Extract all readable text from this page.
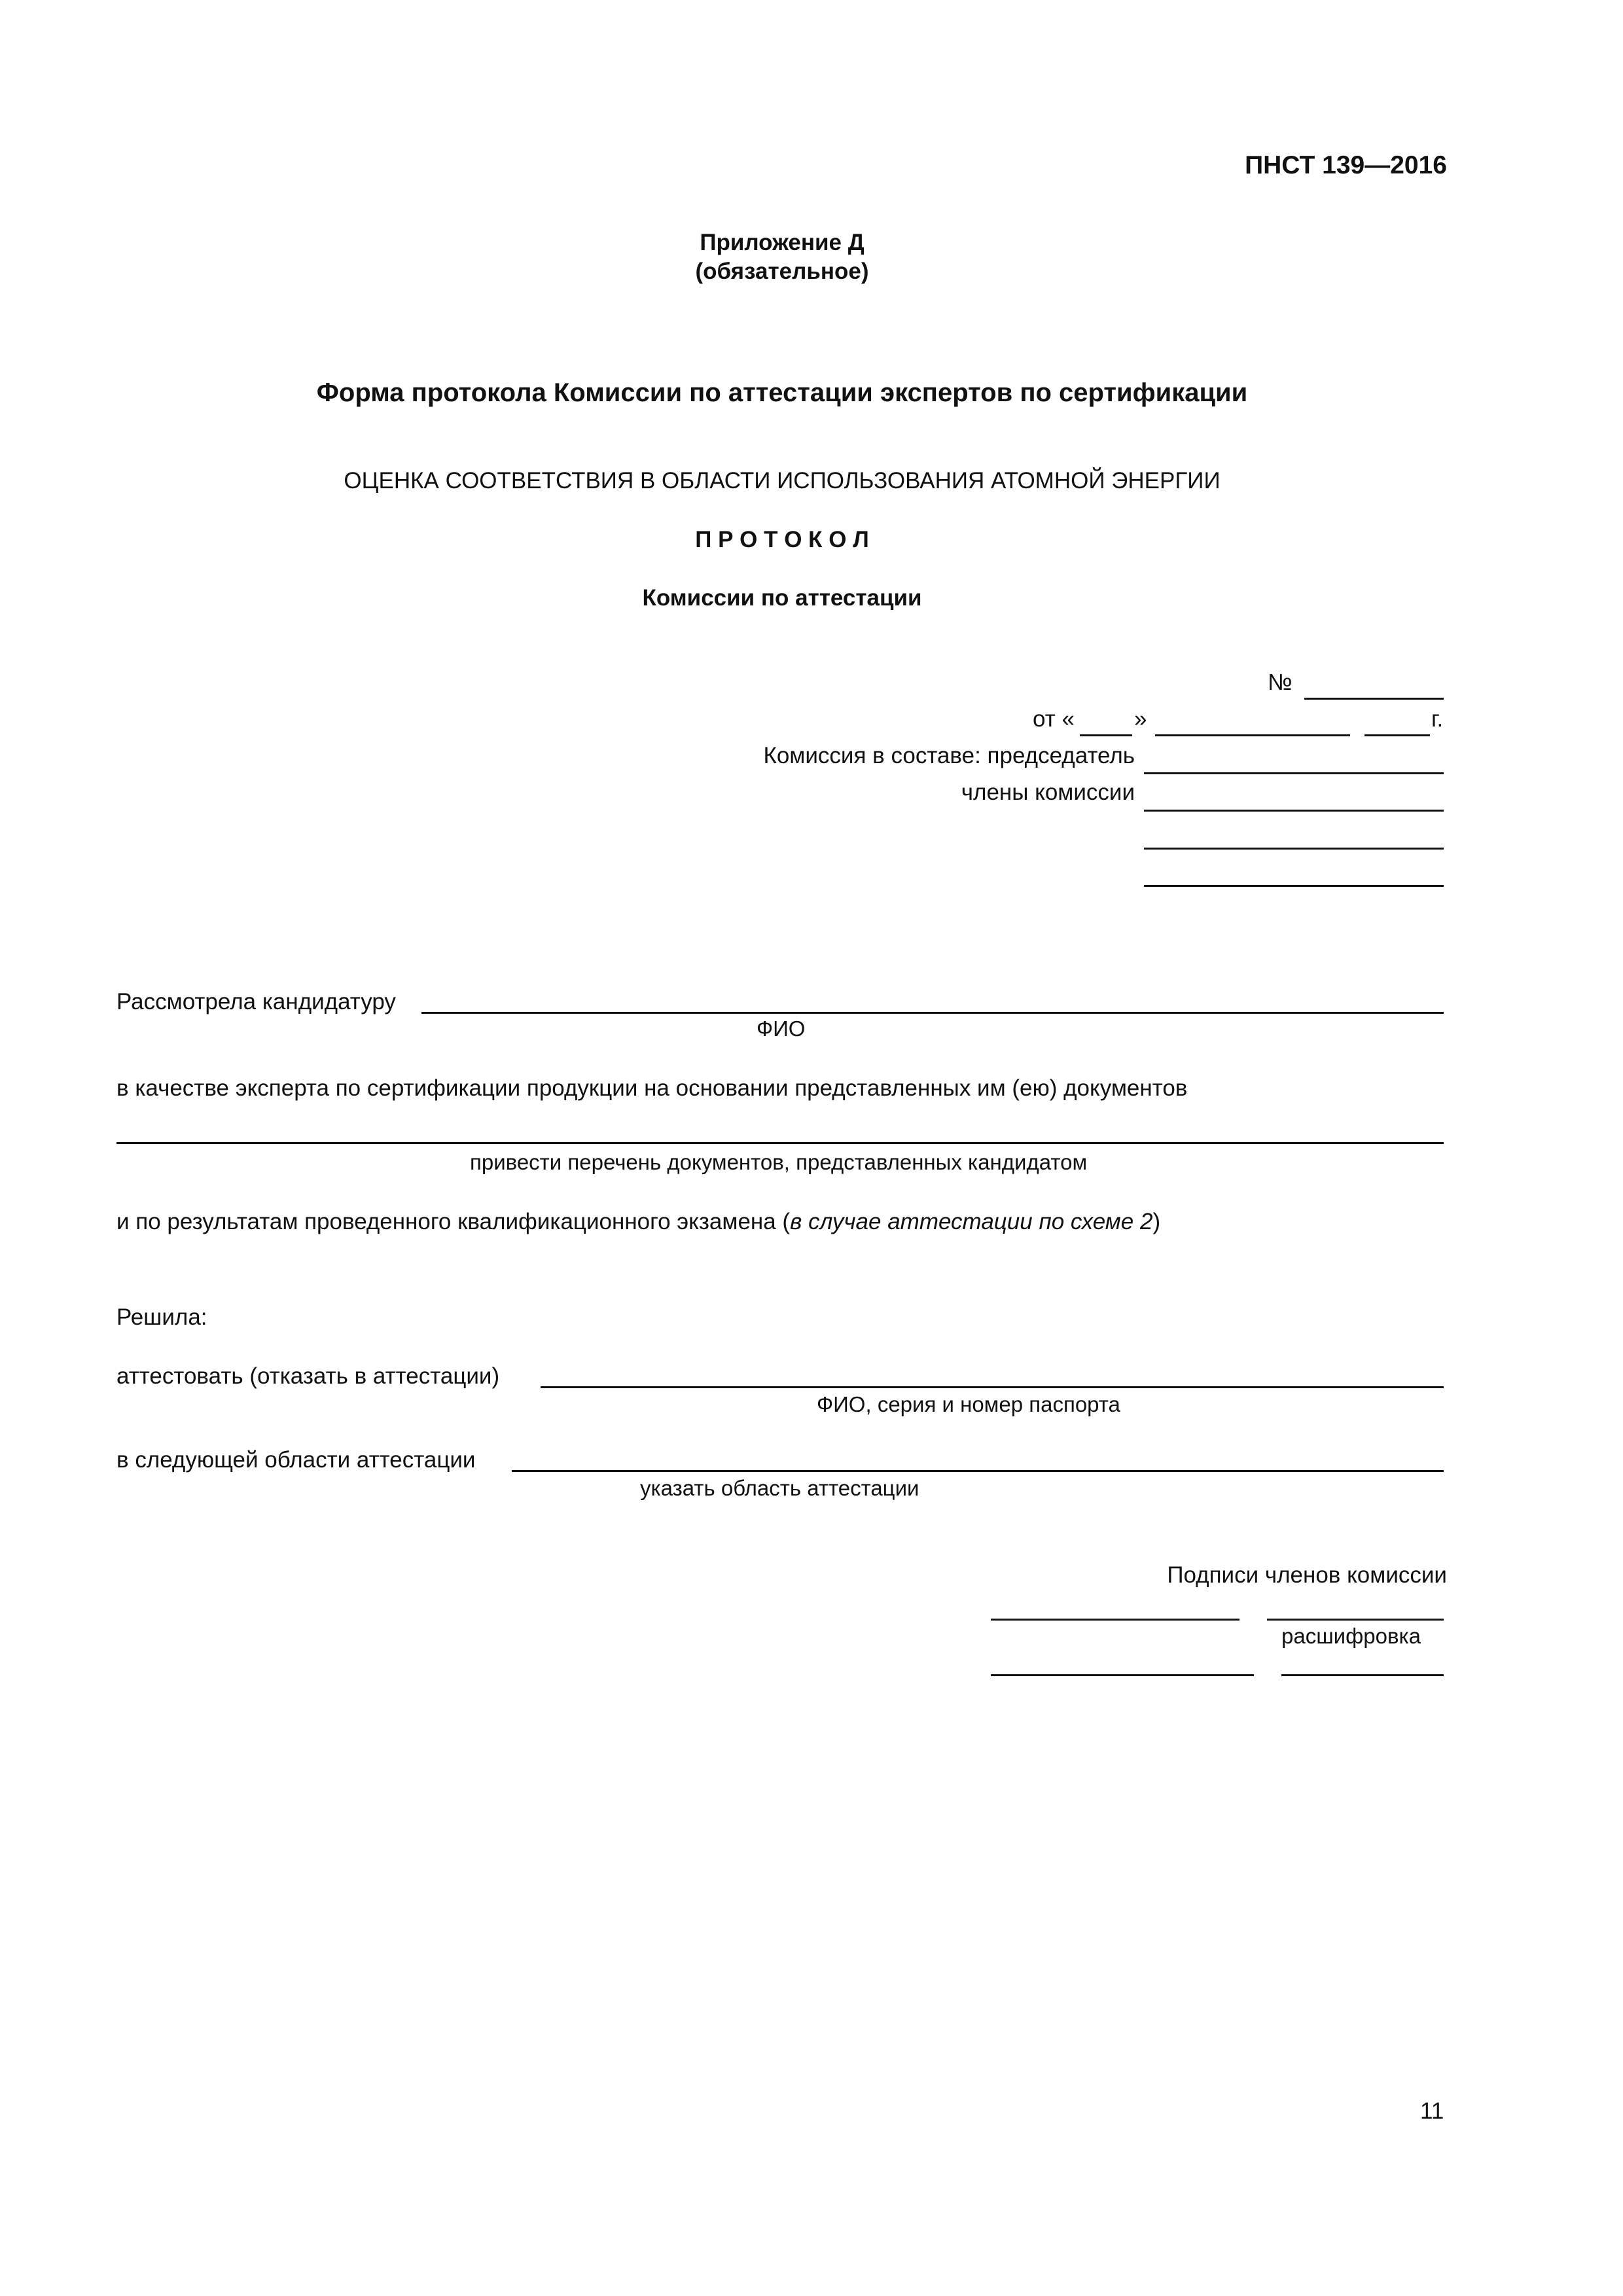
ПНСТ 139—2016
Приложение Д
(обязательное)
Форма протокола Комиссии по аттестации экспертов по сертификации
ОЦЕНКА СООТВЕТСТВИЯ В ОБЛАСТИ ИСПОЛЬЗОВАНИЯ АТОМНОЙ ЭНЕРГИИ
П Р О Т О К О Л
Комиссии по аттестации
№
от «	»	г.
Комиссия в составе: председатель
члены комиссии
Рассмотрела кандидатуру
ФИО
в качестве эксперта по сертификации продукции на основании представленных им (ею) документов
привести перечень документов, представленных кандидатом
и по результатам проведенного квалификационного экзамена (в случае аттестации по схеме 2)
Решила:
аттестовать (отказать в аттестации)
ФИО, серия и номер паспорта
в следующей области аттестации
указать область аттестации
Подписи членов комиссии
расшифровка
11
